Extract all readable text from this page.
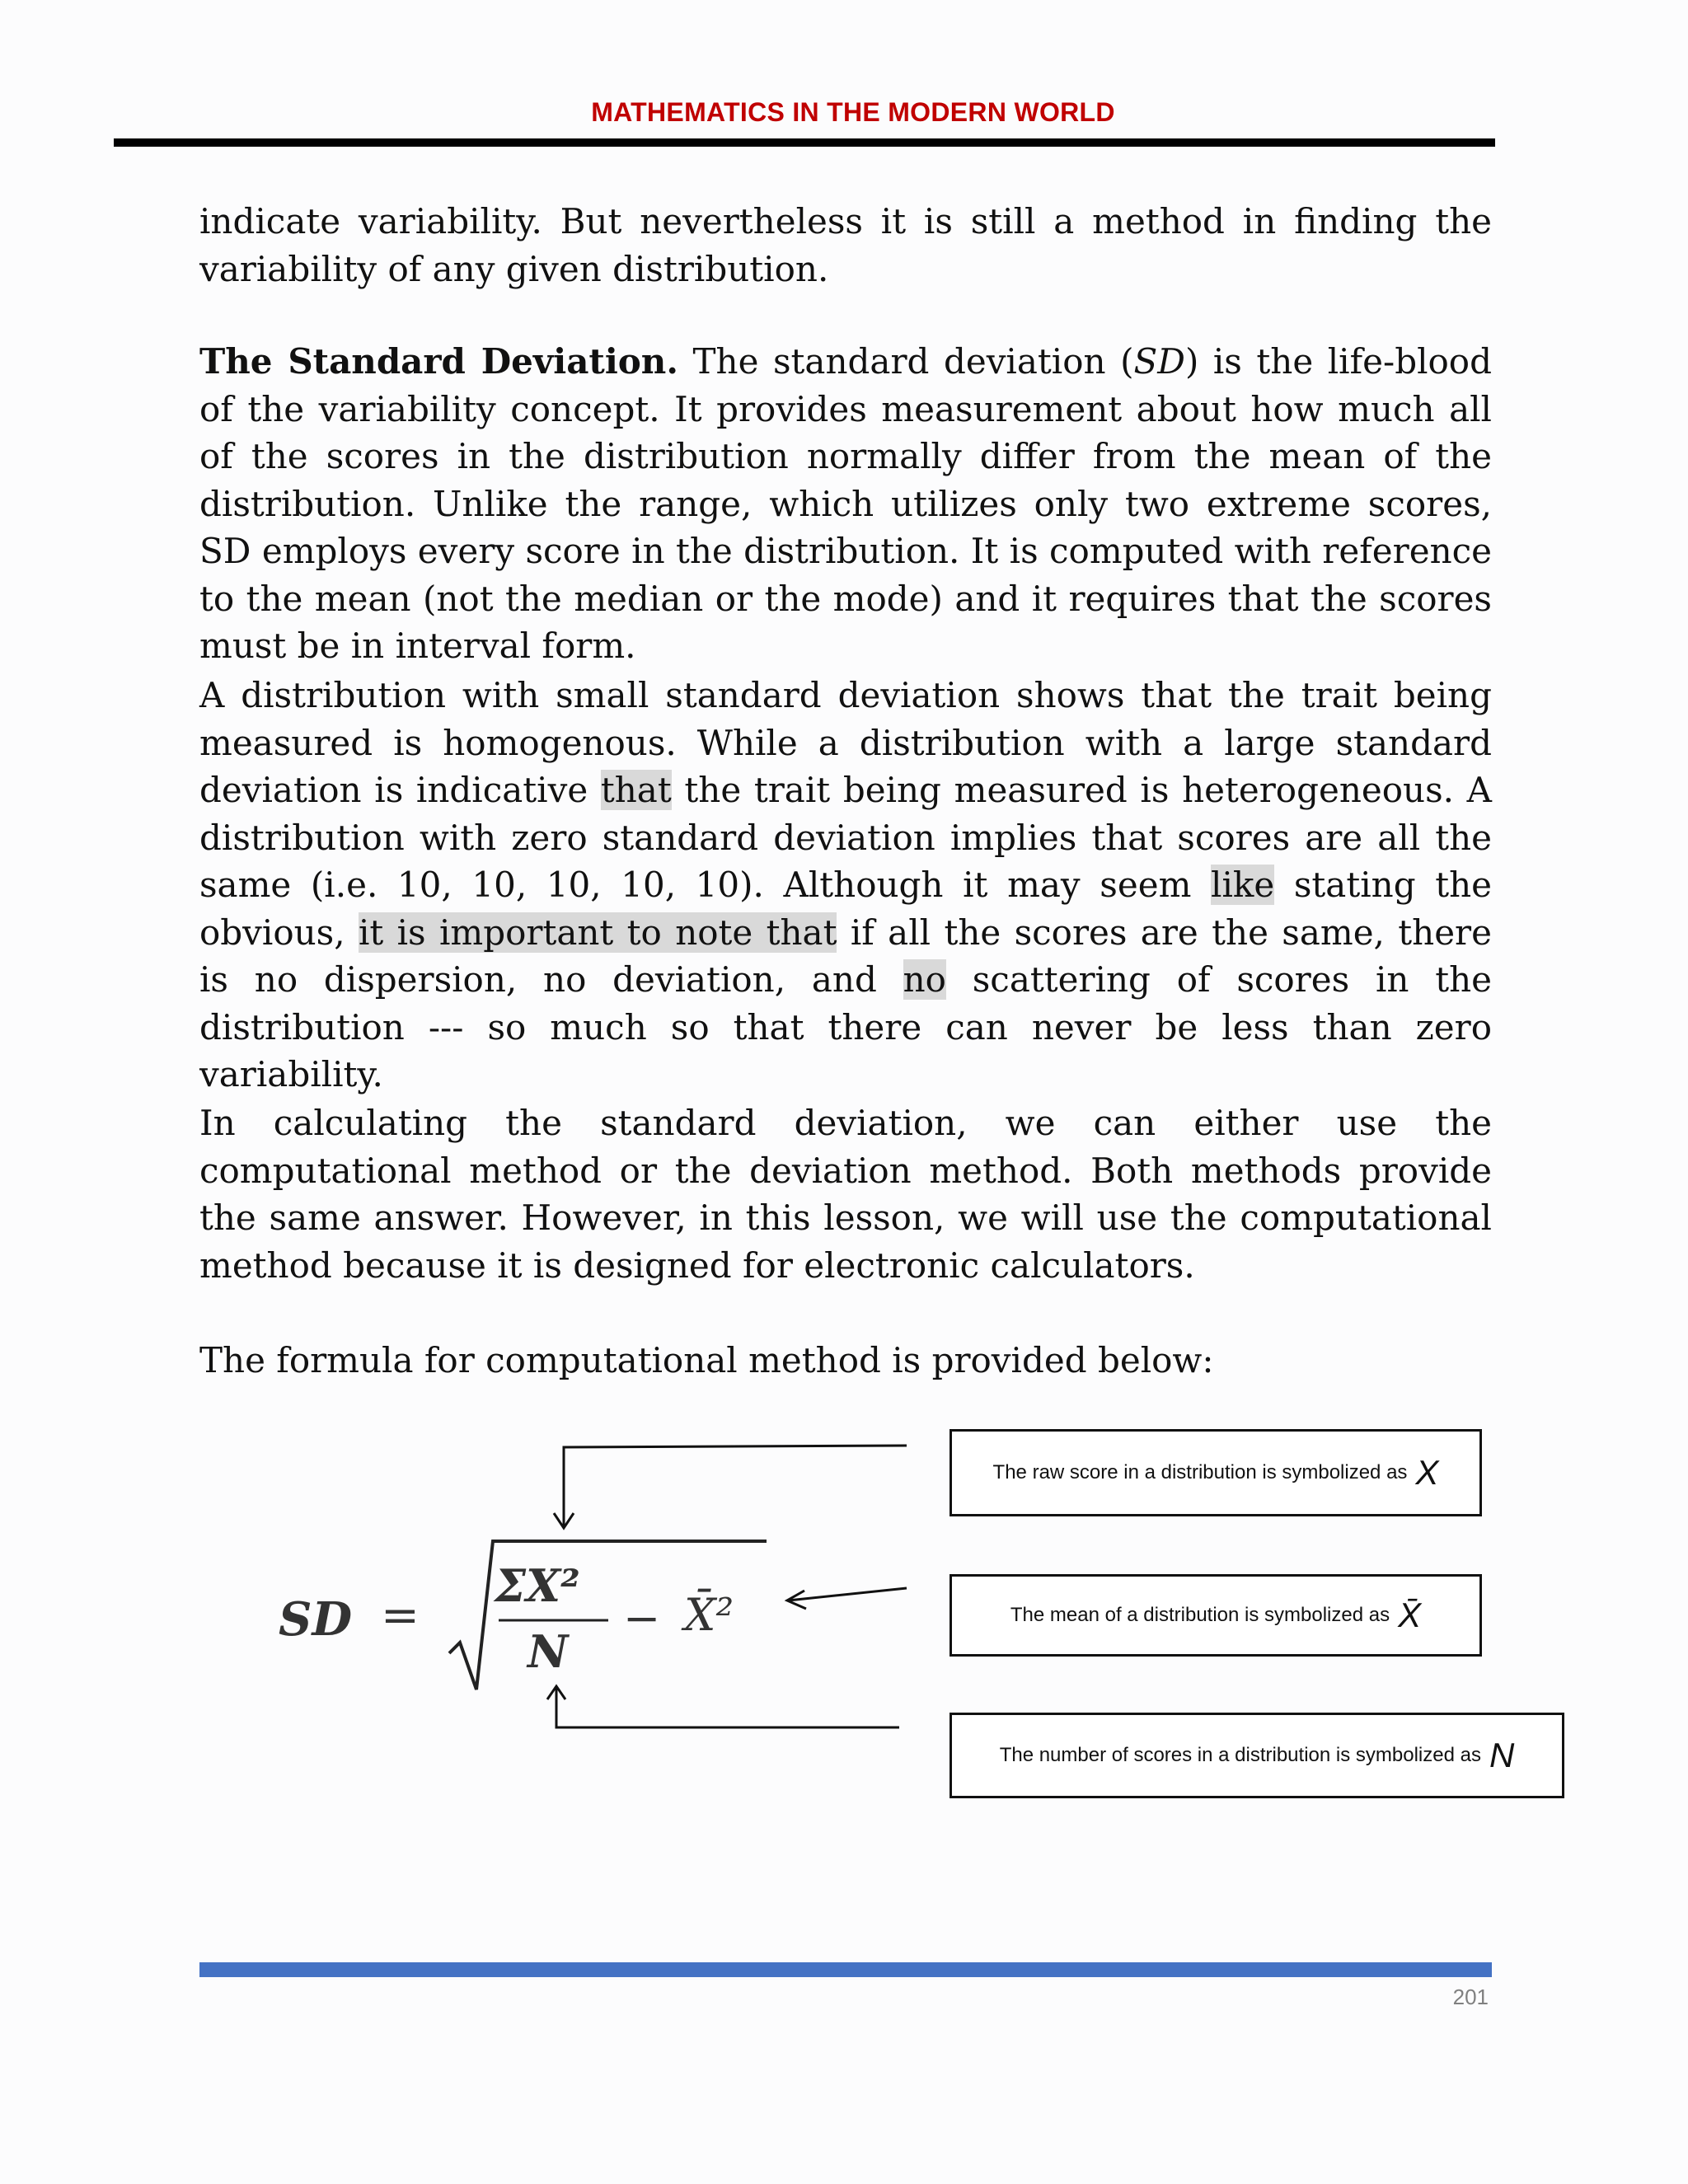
MATHEMATICS IN THE MODERN WORLD

indicate variability. But nevertheless it is still a method in finding the variability of any given distribution.

The Standard Deviation. The standard deviation (SD) is the life-blood of the variability concept. It provides measurement about how much all of the scores in the distribution normally differ from the mean of the distribution. Unlike the range, which utilizes only two extreme scores, SD employs every score in the distribution. It is computed with reference to the mean (not the median or the mode) and it requires that the scores must be in interval form.

A distribution with small standard deviation shows that the trait being measured is homogenous. While a distribution with a large standard deviation is indicative that the trait being measured is heterogeneous. A distribution with zero standard deviation implies that scores are all the same (i.e. 10, 10, 10, 10, 10). Although it may seem like stating the obvious, it is important to note that if all the scores are the same, there is no dispersion, no deviation, and no scattering of scores in the distribution --- so much so that there can never be less than zero variability.

In calculating the standard deviation, we can either use the computational method or the deviation method. Both methods provide the same answer. However, in this lesson, we will use the computational method because it is designed for electronic calculators.

The formula for computational method is provided below:

SD =
ΣX²
N
− X̄²
The raw score in a distribution is symbolized as X
The mean of a distribution is symbolized as X̄
The number of scores in a distribution is symbolized as N
201
